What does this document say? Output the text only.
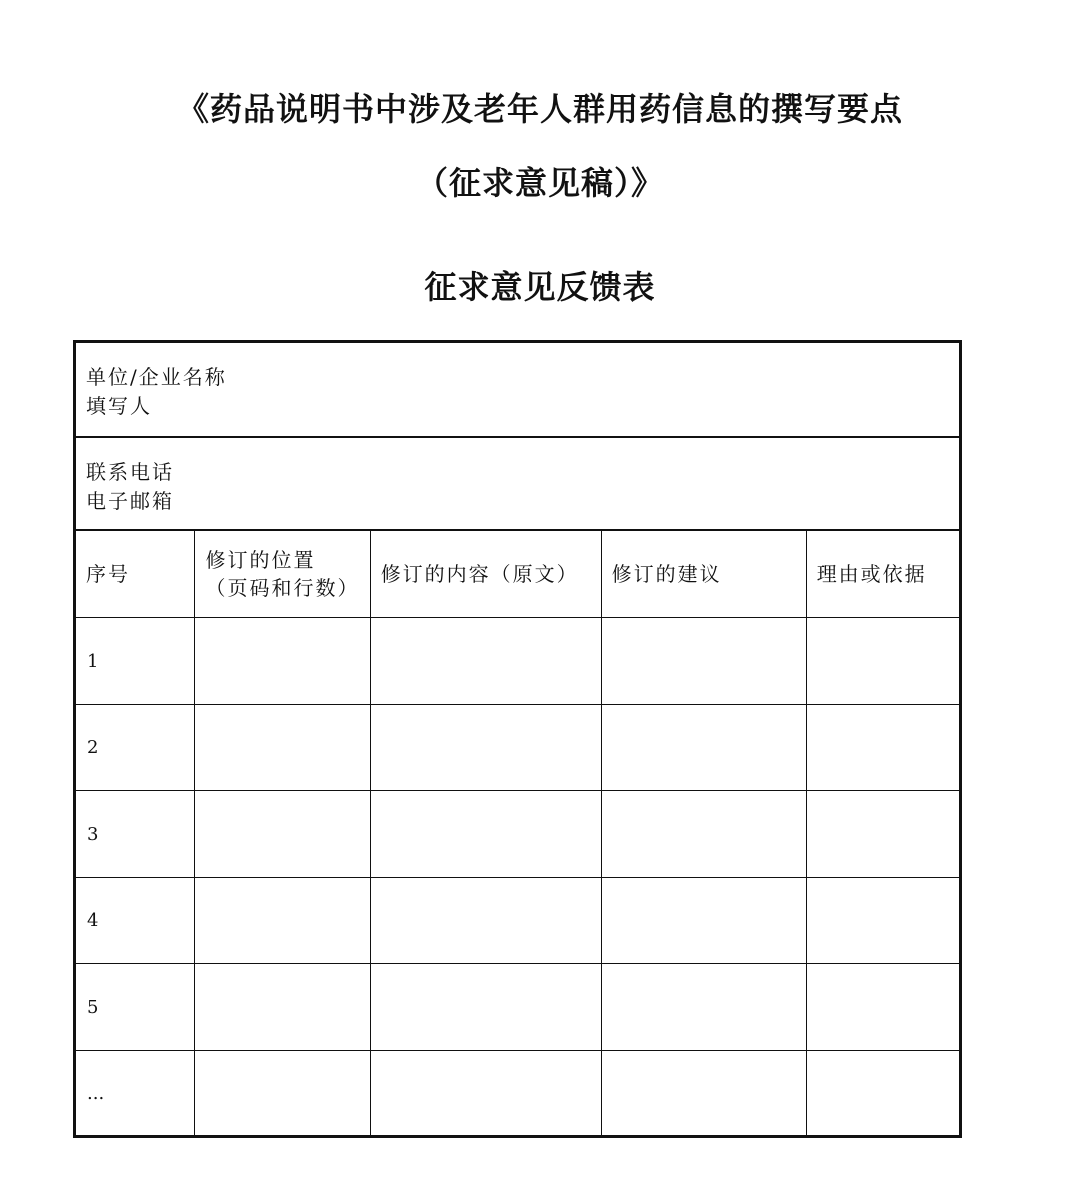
《药品说明书中涉及老年人群用药信息的撰写要点
（征求意见稿）》
征求意见反馈表
单位/企业名称
填写人
联系电话
电子邮箱
序号
修订的位置
（页码和行数）
修订的内容（原文）	修订的建议	理由或依据
1
2
3
4
5
...
